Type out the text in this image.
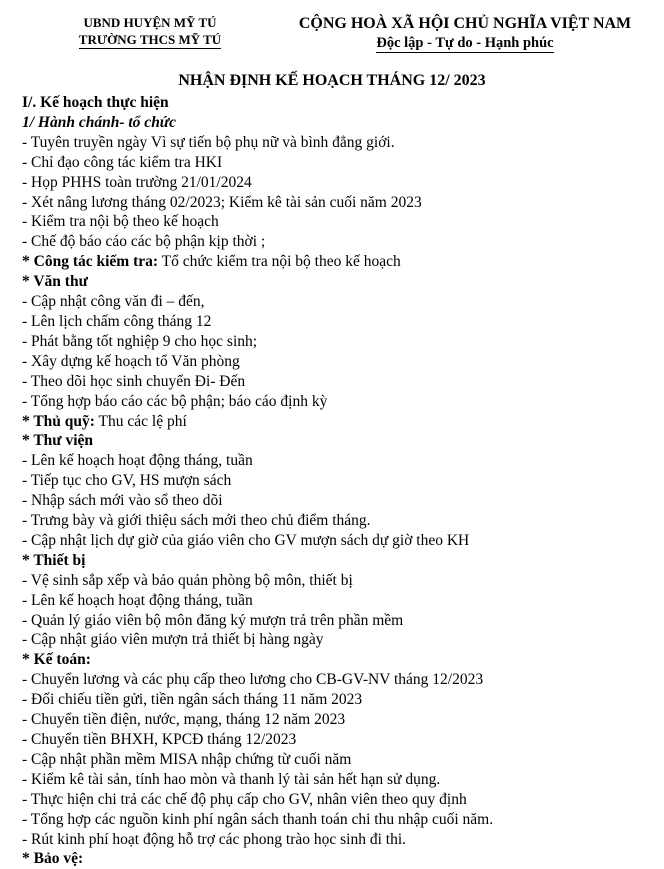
UBND HUYỆN MỸ TÚ
TRƯỜNG THCS MỸ TÚ
CỘNG HOÀ XÃ HỘI CHỦ NGHĨA VIỆT NAM
Độc lập - Tự do - Hạnh phúc
NHẬN ĐỊNH KẾ HOẠCH THÁNG 12/ 2023
I/. Kế hoạch thực hiện
1/ Hành chánh- tổ chức
- Tuyên truyền ngày Vì sự tiến bộ phụ nữ và bình đẳng giới.
- Chỉ đạo công tác kiểm tra HKI
- Họp PHHS toàn trường 21/01/2024
- Xét nâng lương tháng 02/2023; Kiểm kê tài sản cuối năm 2023
- Kiểm tra nội bộ theo kế hoạch
- Chế độ báo cáo các bộ phận kịp thời ;
* Công tác kiểm tra: Tổ chức kiểm tra nội bộ theo kế hoạch
* Văn thư
- Cập nhật công văn đi – đến,
- Lên lịch chấm công tháng 12
- Phát bằng tốt nghiệp 9 cho học sinh;
- Xây dựng kế hoạch tổ Văn phòng
- Theo dõi học sinh chuyển Đi- Đến
- Tổng hợp báo cáo các bộ phận; báo cáo định kỳ
* Thủ quỹ: Thu các lệ phí
* Thư viện
- Lên kế hoạch hoạt động tháng, tuần
- Tiếp tục cho GV, HS mượn sách
- Nhập sách mới vào sổ theo dõi
- Trưng bày và giới thiệu sách mới theo chủ điểm tháng.
- Cập nhật lịch dự giờ của giáo viên cho GV mượn sách dự giờ theo KH
* Thiết bị
- Vệ sinh sắp xếp và bảo quản phòng bộ môn, thiết bị
- Lên kế hoạch hoạt động tháng, tuần
- Quản lý giáo viên bộ môn đăng ký mượn trả trên phần mềm
- Cập nhật giáo viên mượn trả thiết bị hàng ngày
* Kế toán:
- Chuyển lương và các phụ cấp theo lương cho CB-GV-NV tháng 12/2023
- Đối chiếu tiền gửi, tiền ngân sách tháng 11 năm 2023
- Chuyển tiền điện, nước, mạng, tháng 12 năm 2023
- Chuyển tiền BHXH, KPCĐ tháng 12/2023
- Cập nhật phần mềm MISA nhập chứng từ cuối năm
- Kiểm kê tài sản, tính hao mòn và thanh lý tài sản hết hạn sử dụng.
- Thực hiện chi trả các chế độ phụ cấp cho GV, nhân viên theo quy định
- Tổng hợp các nguồn kinh phí ngân sách thanh toán chi thu nhập cuối năm.
- Rút kinh phí hoạt động hỗ trợ các phong trào học sinh đi thi.
* Bảo vệ:
